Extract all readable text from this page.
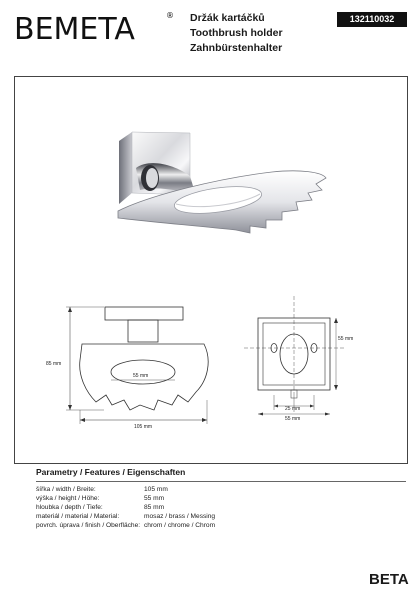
BEMETA	® Držák kartáčků
Toothbrush holder
Zahnbürstenhalter
132110032
85 mm
55 mm
105 mm
55 mm
25 mm
55 mm
Parametry / Features / Eigenschaften
šířka / width / Breite:	105 mm
výška / height / Höhe:	55 mm
hloubka / depth / Tiefe:	85 mm
materiál / material / Material:	mosaz / brass / Messing
povrch. úprava / finish / Oberfläche: chrom / chrome / Chrom
BETA
